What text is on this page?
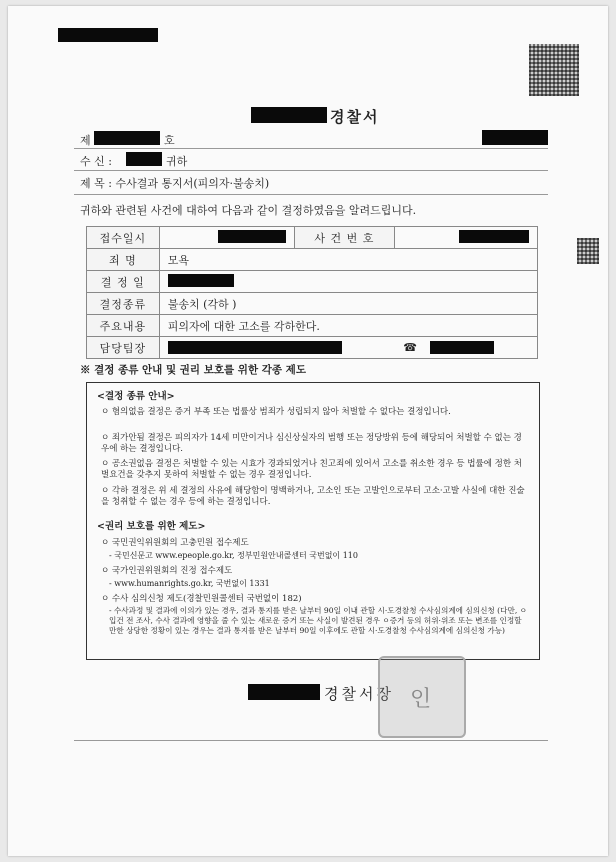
경찰서
제	호
수 신 :	귀하
제 목 : 수사결과 통지서(피의자·불송치)
귀하와 관련된 사건에 대하여 다음과 같이 결정하였음을 알려드립니다.
접수일시		사 건 번 호	
죄 명	모욕		
결 정 일			
결정종류	불송치 (각하 )		
주요내용	피의자에 대한 고소를 각하한다.		
담당팀장	☎		
※ 결정 종류 안내 및 권리 보호를 위한 각종 제도
<결정 종류 안내>
ㅇ 혐의없음 결정은 증거 부족 또는 법률상 범죄가 성립되지 않아 처벌할 수 없다는 결정입니다.
ㅇ 죄가안됨 결정은 피의자가 14세 미만이거나 심신상실자의 범행 또는 정당방위 등에 해당되어 처벌할 수 없는 경우에 하는 결정입니다.
ㅇ 공소권없음 결정은 처벌할 수 있는 시효가 경과되었거나 친고죄에 있어서 고소를 취소한 경우 등 법률에 정한 처벌요건을 갖추지 못하여 처벌할 수 없는 경우 결정입니다.
ㅇ 각하 결정은 위 세 결정의 사유에 해당함이 명백하거나, 고소인 또는 고발인으로부터 고소·고발 사실에 대한 진술을 청취할 수 없는 경우 등에 하는 결정입니다.
<권리 보호를 위한 제도>
ㅇ 국민권익위원회의 고충민원 접수제도
- 국민신문고 www.epeople.go.kr, 정부민원안내콜센터 국번없이 110
ㅇ 국가인권위원회의 진정 접수제도
- www.humanrights.go.kr, 국번없이 1331
ㅇ 수사 심의신청 제도(경찰민원콜센터 국번없이 182)
- 수사과정 및 결과에 이의가 있는 경우, 결과 통지를 받은 날부터 90일 이내 관할 시·도경찰청 수사심의계에 심의신청 (다만, ㅇ입건 전 조사, 수사 결과에 영향을 줄 수 있는 새로운 증거 또는 사실이 발견된 경우 ㅇ증거 등의 허위·위조 또는 변조를 인정할 만한 상당한 정황이 있는 경우는 결과 통지를 받은 날부터 90일 이후에도 관할 시·도경찰청 수사심의계에 심의신청 가능)
경찰서장 인
